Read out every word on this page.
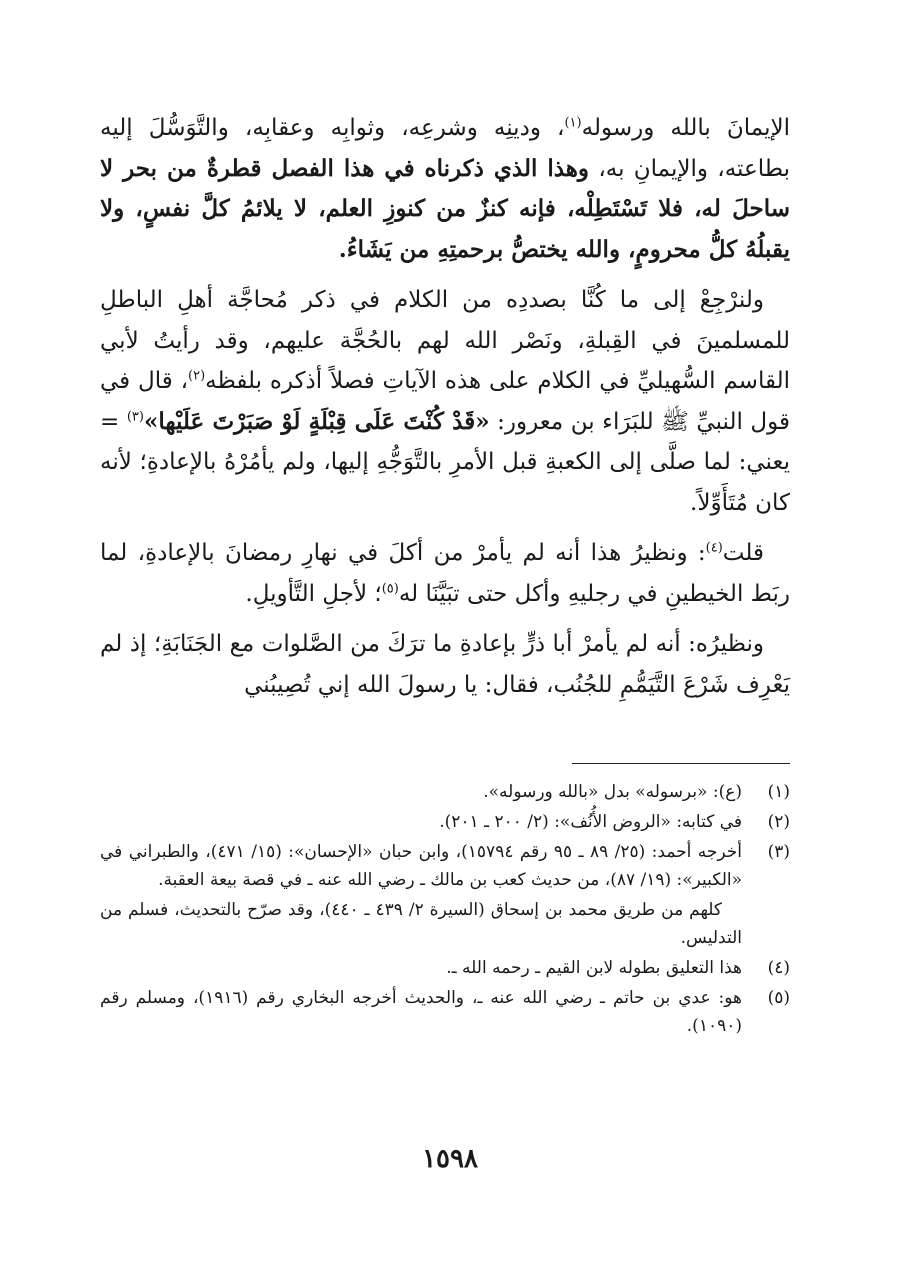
الإيمانَ بالله ورسوله$^{(١)}$، ودينِه وشرعِه، وثوابِه وعقابِه، والتَّوَسُّلَ إليه بطاعته، والإيمانِ به، وهذا الذي ذكرناه في هذا الفصل قطرةٌ من بحر لا ساحلَ له، فلا تَسْتَطِلْه، فإنه كنزٌ من كنوزِ العلم، لا يلائمُ كلَّ نفسٍ، ولا يقبلُهُ كلُّ محرومٍ، والله يختصُّ برحمتِهِ من يَشَاءُ.

ولنرْجِعْ إلى ما كُنَّا بصددِه من الكلام في ذكر مُحاجَّة أهلِ الباطلِ للمسلمينَ في القِبلةِ، ونَصْر الله لهم بالحُجَّة عليهم، وقد رأيتُ لأبي القاسم السُّهيليِّ في الكلام على هذه الآياتِ فصلاً أذكره بلفظه$^{(٢)}$، قال في قول النبيِّ ﷺ للبَرَاء بن معرور: «قَدْ كُنْتَ عَلَى قِبْلَةٍ لَوْ صَبَرْتَ عَلَيْها»$^{(٣)}$ = يعني: لما صلَّى إلى الكعبةِ قبل الأمرِ بالتَّوَجُّهِ إليها، ولم يأمُرْهُ بالإعادةِ؛ لأنه كان مُتَأَوِّلاً.

قلت$^{(٤)}$: ونظيرُ هذا أنه لم يأمرْ من أكلَ في نهارِ رمضانَ بالإعادةِ، لما ربَط الخيطينِ في رجليهِ وأكل حتى تبَيَّنَا له$^{(٥)}$؛ لأجلِ التَّأويلِ.

ونظيرُه: أنه لم يأمرْ أبا ذرٍّ بإعادةِ ما ترَكَ من الصَّلوات مع الجَنَابَةِ؛ إذ لم يَعْرِف شَرْعَ التَّيَمُّمِ للجُنُب، فقال: يا رسولَ الله إني تُصِيبُني

(١)
(ع): «برسوله» بدل «بالله ورسوله».
(٢)
في كتابه: «الروض الأُنُف»: (٢/ ٢٠٠ ـ ٢٠١).
(٣)
أخرجه أحمد: (٢٥/ ٨٩ ـ ٩٥ رقم ١٥٧٩٤)، وابن حبان «الإحسان»: (١٥/ ٤٧١)، والطبراني في «الكبير»: (١٩/ ٨٧)، من حديث كعب بن مالك ـ رضي الله عنه ـ في قصة بيعة العقبة.
كلهم من طريق محمد بن إسحاق (السيرة ٢/ ٤٣٩ ـ ٤٤٠)، وقد صرّح بالتحديث، فسلم من التدليس.
(٤)
هذا التعليق بطوله لابن القيم ـ رحمه الله ـ.
(٥)
هو: عدي بن حاتم ـ رضي الله عنه ـ، والحديث أخرجه البخاري رقم (١٩١٦)، ومسلم رقم (١٠٩٠).
١٥٩٨
